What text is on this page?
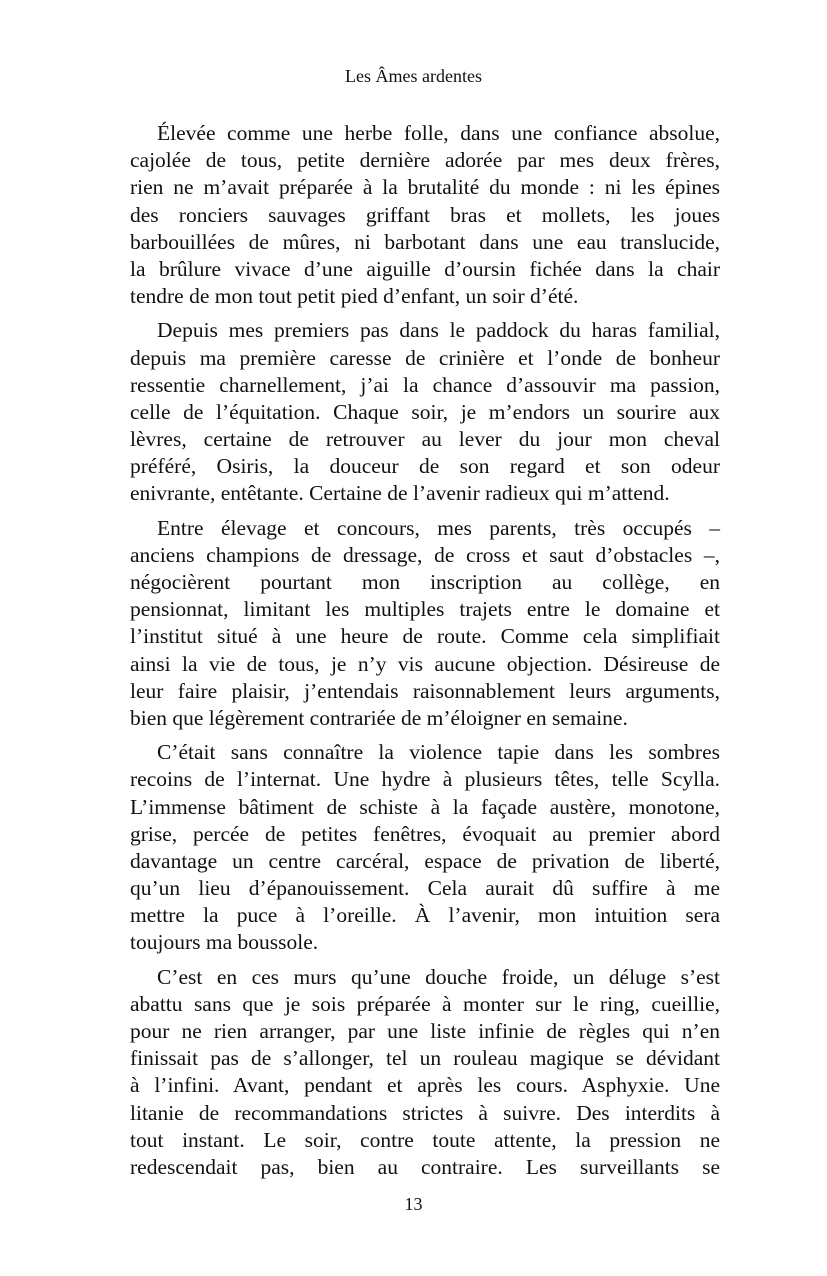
Les Âmes ardentes
Élevée comme une herbe folle, dans une confiance absolue,
cajolée de tous, petite dernière adorée par mes deux frères,
rien ne m’avait préparée à la brutalité du monde : ni les épines
des ronciers sauvages griffant bras et mollets, les joues
barbouillées de mûres, ni barbotant dans une eau translucide,
la brûlure vivace d’une aiguille d’oursin fichée dans la chair
tendre de mon tout petit pied d’enfant, un soir d’été.
Depuis mes premiers pas dans le paddock du haras familial,
depuis ma première caresse de crinière et l’onde de bonheur
ressentie charnellement, j’ai la chance d’assouvir ma passion,
celle de l’équitation. Chaque soir, je m’endors un sourire aux
lèvres, certaine de retrouver au lever du jour mon cheval
préféré, Osiris, la douceur de son regard et son odeur
enivrante, entêtante. Certaine de l’avenir radieux qui m’attend.
Entre élevage et concours, mes parents, très occupés –
anciens champions de dressage, de cross et saut d’obstacles –,
négocièrent pourtant mon inscription au collège, en
pensionnat, limitant les multiples trajets entre le domaine et
l’institut situé à une heure de route. Comme cela simplifiait
ainsi la vie de tous, je n’y vis aucune objection. Désireuse de
leur faire plaisir, j’entendais raisonnablement leurs arguments,
bien que légèrement contrariée de m’éloigner en semaine.
C’était sans connaître la violence tapie dans les sombres
recoins de l’internat. Une hydre à plusieurs têtes, telle Scylla.
L’immense bâtiment de schiste à la façade austère, monotone,
grise, percée de petites fenêtres, évoquait au premier abord
davantage un centre carcéral, espace de privation de liberté,
qu’un lieu d’épanouissement. Cela aurait dû suffire à me
mettre la puce à l’oreille. À l’avenir, mon intuition sera
toujours ma boussole.
C’est en ces murs qu’une douche froide, un déluge s’est
abattu sans que je sois préparée à monter sur le ring, cueillie,
pour ne rien arranger, par une liste infinie de règles qui n’en
finissait pas de s’allonger, tel un rouleau magique se dévidant
à l’infini. Avant, pendant et après les cours. Asphyxie. Une
litanie de recommandations strictes à suivre. Des interdits à
tout instant. Le soir, contre toute attente, la pression ne
redescendait pas, bien au contraire. Les surveillants se
13
